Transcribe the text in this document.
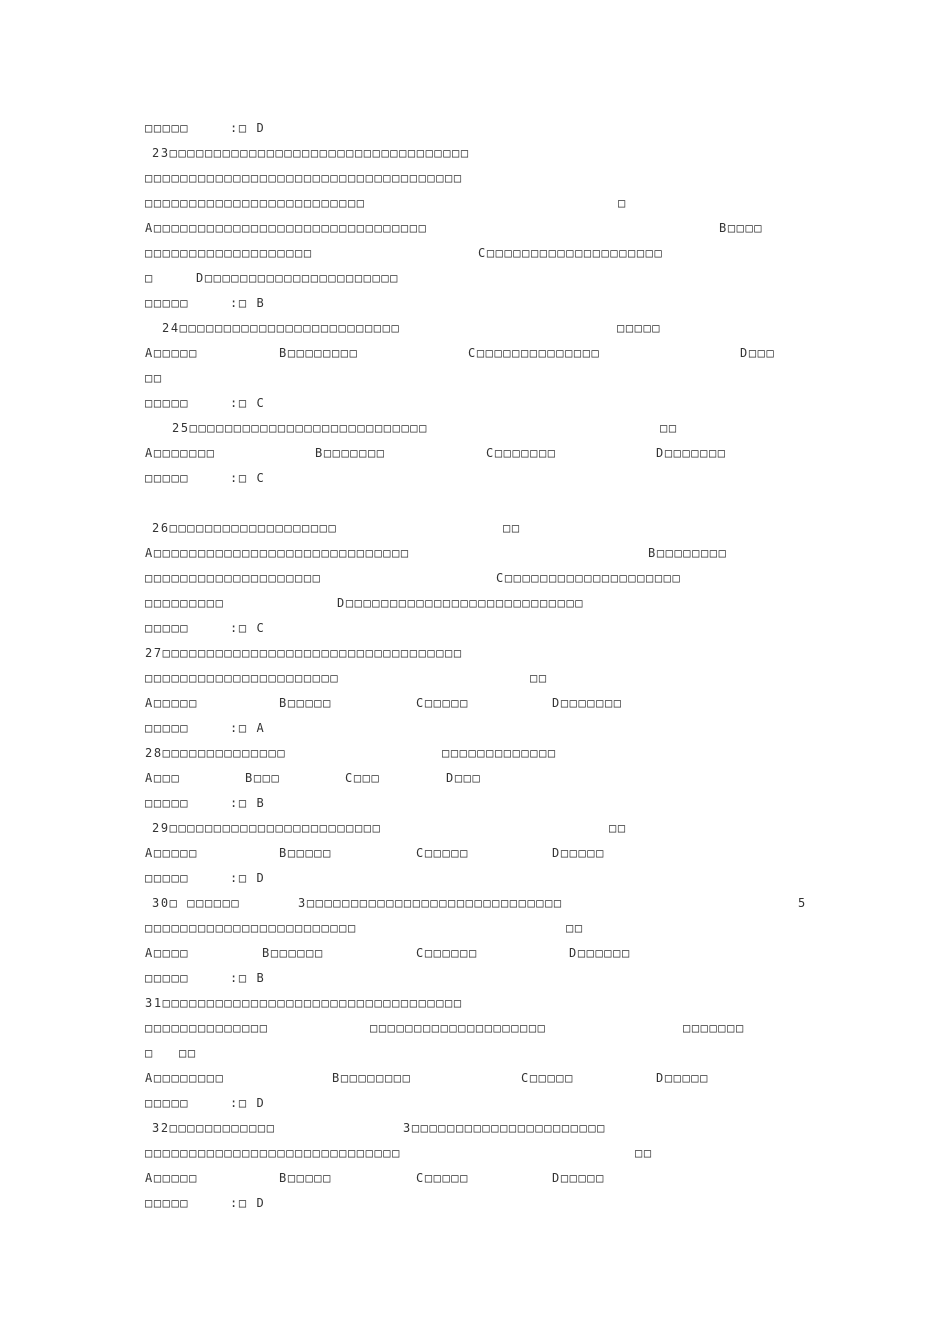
□□□□□	:□ D
23□□□□□□□□□□□□□□□□□□□□□□□□□□□□□□□□□□
□□□□□□□□□□□□□□□□□□□□□□□□□□□□□□□□□□□□
□□□□□□□□□□□□□□□□□□□□□□□□□	□
A□□□□□□□□□□□□□□□□□□□□□□□□□□□□□□□	B□□□□
□□□□□□□□□□□□□□□□□□□	C□□□□□□□□□□□□□□□□□□□□
□	D□□□□□□□□□□□□□□□□□□□□□□
□□□□□	:□ B
24□□□□□□□□□□□□□□□□□□□□□□□□□	□□□□□
A□□□□□	B□□□□□□□□	C□□□□□□□□□□□□□□	D□□□
□□
□□□□□	:□ C
25□□□□□□□□□□□□□□□□□□□□□□□□□□□	□□
A□□□□□□□	B□□□□□□□	C□□□□□□□	D□□□□□□□
□□□□□	:□ C
26□□□□□□□□□□□□□□□□□□□	□□
A□□□□□□□□□□□□□□□□□□□□□□□□□□□□□	B□□□□□□□□
□□□□□□□□□□□□□□□□□□□□	C□□□□□□□□□□□□□□□□□□□□
□□□□□□□□□	D□□□□□□□□□□□□□□□□□□□□□□□□□□□
□□□□□	:□ C
27□□□□□□□□□□□□□□□□□□□□□□□□□□□□□□□□□□
□□□□□□□□□□□□□□□□□□□□□□	□□
A□□□□□	B□□□□□	C□□□□□	D□□□□□□□
□□□□□	:□ A
28□□□□□□□□□□□□□□	□□□□□□□□□□□□□
A□□□	B□□□	C□□□	D□□□
□□□□□	:□ B
29□□□□□□□□□□□□□□□□□□□□□□□□	□□
A□□□□□	B□□□□□	C□□□□□	D□□□□□
□□□□□	:□ D
30□ □□□□□□	3□□□□□□□□□□□□□□□□□□□□□□□□□□□□□	5
□□□□□□□□□□□□□□□□□□□□□□□□	□□
A□□□□	B□□□□□□	C□□□□□□	D□□□□□□
□□□□□	:□ B
31□□□□□□□□□□□□□□□□□□□□□□□□□□□□□□□□□□
□□□□□□□□□□□□□□	□□□□□□□□□□□□□□□□□□□□	□□□□□□□
□ □□
A□□□□□□□□	B□□□□□□□□	C□□□□□	D□□□□□
□□□□□	:□ D
32□□□□□□□□□□□□	3□□□□□□□□□□□□□□□□□□□□□□
□□□□□□□□□□□□□□□□□□□□□□□□□□□□□	□□
A□□□□□	B□□□□□	C□□□□□	D□□□□□
□□□□□	:□ D
